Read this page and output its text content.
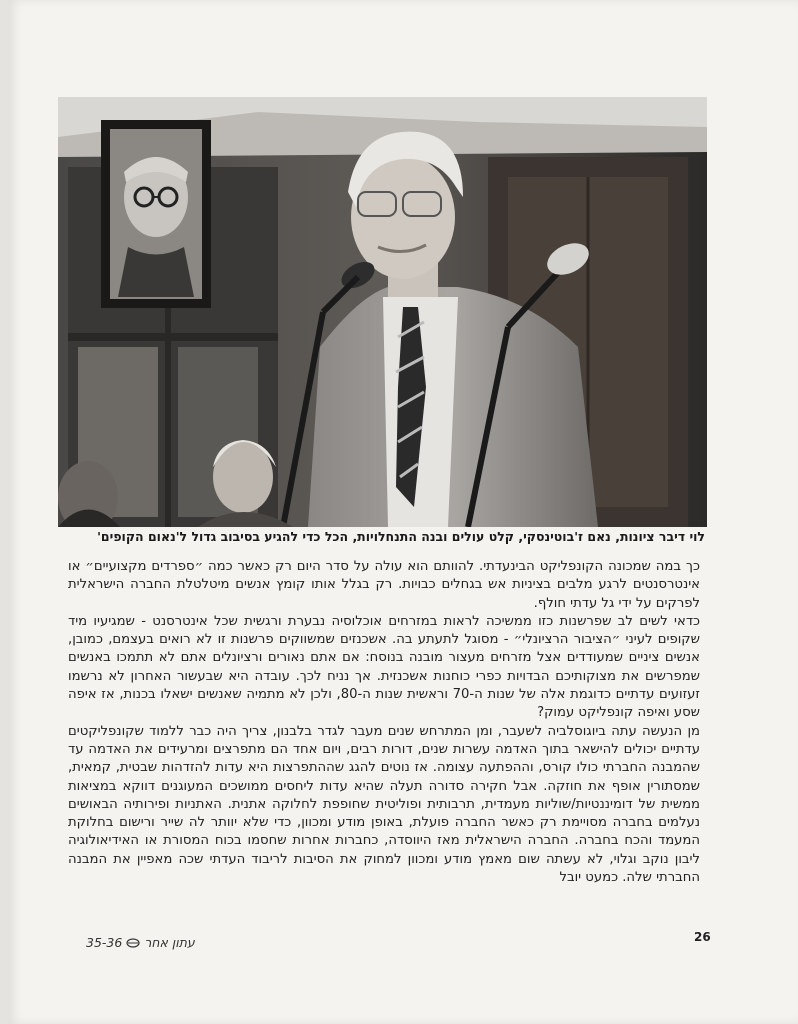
לוי דיבר ציונות, נאם ז'בוטינסקי, קלט עולים ובנה התנחלויות, הכל כדי להגיע בסיבוב גדול ל'נאום הקופים'

כך במה שמכונה הקונפליקט הבינעדתי. להוותם הוא עולה על סדר היום רק כאשר כמה ״ספרדים מקצועיים״ או אינטרסנטים לרגע מלבים בציניות אש בגחלים כבויות. רק בגלל אותו קומץ אנשים מיטלטלת החברה הישראלית לפרקים על ידי גל עדתי חולף.

כדאי לשים לב שפרשנות כזו ממשיכה לראות במזרחים אוכלוסיה נבערת ורגשית שכל אינטרסנט - שמגיעיו מיד שקופים לעיני ״הציבור הרציונלי״ - מסוגל לתעתע בה. אשכנזים שמשווקים פרשנות זו לא רואים בעצמם, כמובן, אנשים ציניים שמעודדים אצל מזרחים מעצור מובנה בנוסח: אם אתם נאורים ורציונלים אתם לא תתמכו באנשים שמפרשים את מצוקותיכם הבדויות כפרי כוחנות אשכנזית. אך נניח לכך. עובדה היא שבעשור האחרון לא נרשמו זעזועים עדתיים כדוגמת אלה של שנות ה-70 וראשית שנות ה-80, ולכן לא מתמיה שאנשים ישאלו בכנות, אז איפה שסע ואיפה קונפליקט עמוק?

מן הנעשה עתה ביוגוסלביה לשעבר, ומן המתרחש שנים מעבר לגדר בלבנון, צריך היה כבר ללמוד שקונפליקטים עדתיים יכולים להישאר בתוך האדמה עשרות שנים, דורות רבים, ויום אחד הם מתפרצים ומרעידים את האדמה עד שהמבנה החברתי כולו קורס, וההפתעה עצומה. אז נוטים להגג שההתפרצות היא עדות להזדהות שבטית, קמאית, שמסתורין אופף את חוזקה. אבל חקירה סדורה תעלה שהיא עדות ליחסים ממושכים המעוגנים דווקא במציאות ממשית של דומיננטיות/שוליות מעמדית, תרבותית ופוליטית שחופפת לחלוקה אתנית. האתניות ופירותיה הבאושים נעלמים בחברה מסויימת רק כאשר החברה פועלת, באופן מודע ומכוון, כדי שלא יוותר לה שייר ורישום בחלוקת המעמד והכח בחברה. החברה הישראלית מאז היווסדה, כחברות אחרות שחסמו בכוח המסורת או האידיאולוגיה ליבון נוקב וגלוי, לא עשתה שום מאמץ מודע ומכוון למחוק את הסיבות לריבוד העדתי שכה מאפיין את המבנה החברתי שלה. כמעט יובל

26
35-36 עתון אחר
